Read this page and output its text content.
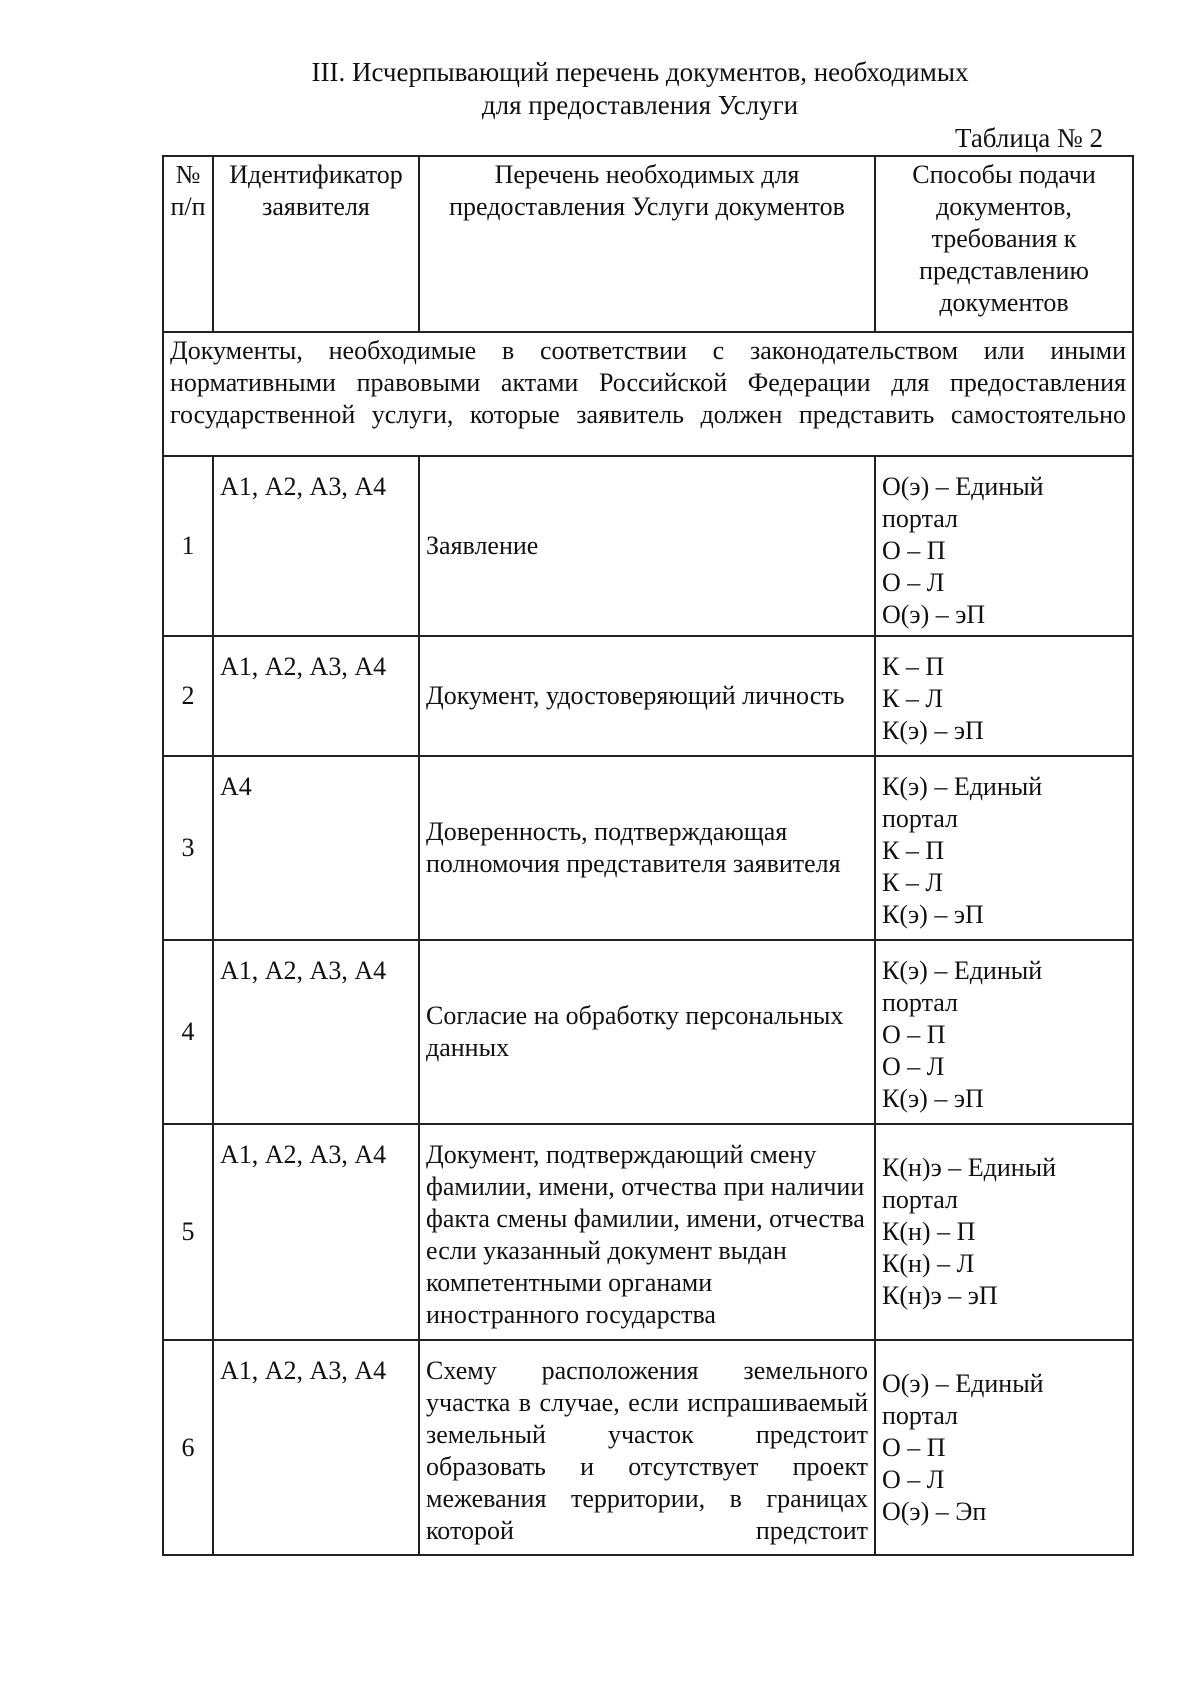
III. Исчерпывающий перечень документов, необходимых
для предоставления Услуги
Таблица № 2
№ п/п	Идентификатор заявителя	Перечень необходимых для предоставления Услуги документов	Способы подачи документов, требования к представлению документов
Документы, необходимые в соответствии с законодательством или иными нормативными правовыми актами Российской Федерации для предоставления государственной услуги, которые заявитель должен представить самостоятельно			
1	А1, А2, А3, А4	Заявление	О(э) – Единый
портал
О – П
О – Л
О(э) – эП

2	А1, А2, А3, А4	Документ, удостоверяющий личность	К – П
К – Л
К(э) – эП

3	А4	Доверенность, подтверждающая полномочия представителя заявителя	К(э) – Единый
портал
К – П
К – Л
К(э) – эП

4	А1, А2, А3, А4	Согласие на обработку персональных данных	К(э) – Единый
портал
О – П
О – Л
К(э) – эП

5	А1, А2, А3, А4	Документ, подтверждающий смену фамилии, имени, отчества при наличии факта смены фамилии, имени, отчества если указанный документ выдан компетентными органами иностранного государства	К(н)э – Единый
портал
К(н) – П
К(н) – Л
К(н)э – эП

6	А1, А2, А3, А4	Схему расположения земельного участка в случае, если испрашиваемый земельный участок предстоит образовать и отсутствует проект межевания территории, в границах которой предстоит	О(э) – Единый
портал
О – П
О – Л
О(э) – Эп
